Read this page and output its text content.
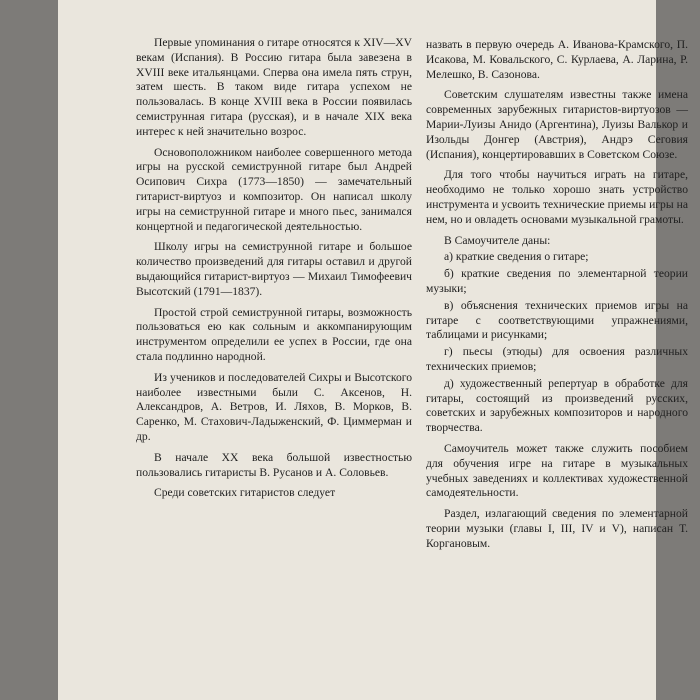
Первые упоминания о гитаре относятся к XIV—XV векам (Испания). В Россию гитара была завезена в XVIII веке итальянцами. Сперва она имела пять струн, затем шесть. В таком виде гитара успехом не пользовалась. В конце XVIII века в России появилась семиструнная гитара (русская), и в начале XIX века интерес к ней значительно возрос.

Основоположником наиболее совершенного метода игры на русской семиструнной гитаре был Андрей Осипович Сихра (1773—1850) — замечательный гитарист-виртуоз и композитор. Он написал школу игры на семиструнной гитаре и много пьес, занимался концертной и педагогической деятельностью.

Школу игры на семиструнной гитаре и большое количество произведений для гитары оставил и другой выдающийся гитарист-виртуоз — Михаил Тимофеевич Высотский (1791—1837).

Простой строй семиструнной гитары, возможность пользоваться ею как сольным и аккомпанирующим инструментом определили ее успех в России, где она стала подлинно народной.

Из учеников и последователей Сихры и Высотского наиболее известными были С. Аксенов, Н. Александров, А. Ветров, И. Ляхов, В. Морков, В. Саренко, М. Стахович-Ладыженский, Ф. Циммерман и др.

В начале XX века большой известностью пользовались гитаристы В. Русанов и А. Соловьев.

Среди советских гитаристов следует

назвать в первую очередь А. Иванова-Крамского, П. Исакова, М. Ковальского, С. Курлаева, А. Ларина, Р. Мелешко, В. Сазонова.

Советским слушателям известны также имена современных зарубежных гитаристов-виртуозов — Марии-Луизы Анидо (Аргентина), Луизы Валькор и Изольды Донгер (Австрия), Андрэ Сеговия (Испания), концертировавших в Советском Союзе.

Для того чтобы научиться играть на гитаре, необходимо не только хорошо знать устройство инструмента и усвоить технические приемы игры на нем, но и овладеть основами музыкальной грамоты.

В Самоучителе даны:

а) краткие сведения о гитаре;

б) краткие сведения по элементарной теории музыки;

в) объяснения технических приемов игры на гитаре с соответствующими упражнениями, таблицами и рисунками;

г) пьесы (этюды) для освоения различных технических приемов;

д) художественный репертуар в обработке для гитары, состоящий из произведений русских, советских и зарубежных композиторов и народного творчества.

Самоучитель может также служить пособием для обучения игре на гитаре в музыкальных учебных заведениях и коллективах художественной самодеятельности.

Раздел, излагающий сведения по элементарной теории музыки (главы I, III, IV и V), написан Т. Коргановым.
